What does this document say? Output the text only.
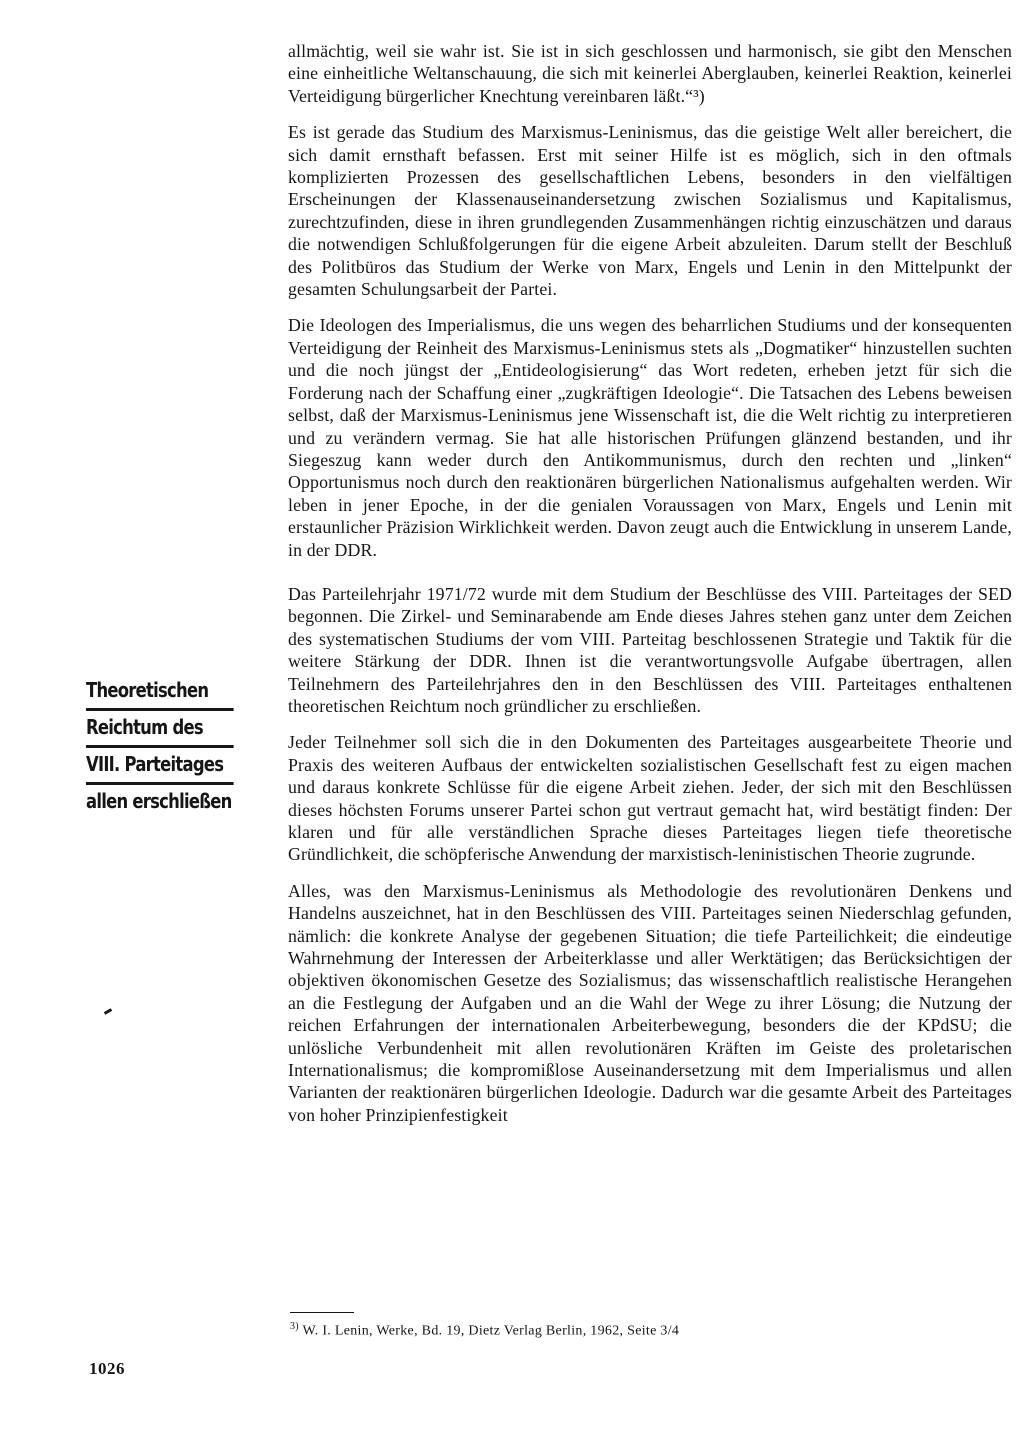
allmächtig, weil sie wahr ist. Sie ist in sich geschlossen und harmonisch, sie gibt den Menschen eine einheitliche Weltanschauung, die sich mit keinerlei Aberglauben, keinerlei Reaktion, keinerlei Verteidigung bürgerlicher Knechtung vereinbaren läßt.“³)

Es ist gerade das Studium des Marxismus-Leninismus, das die geistige Welt aller bereichert, die sich damit ernsthaft befassen. Erst mit seiner Hilfe ist es möglich, sich in den oftmals komplizierten Prozessen des gesellschaftlichen Lebens, besonders in den vielfältigen Erscheinungen der Klassenauseinandersetzung zwischen Sozialismus und Kapitalismus, zurechtzufinden, diese in ihren grundlegenden Zusammenhängen richtig einzuschätzen und daraus die notwendigen Schlußfolgerungen für die eigene Arbeit abzuleiten. Darum stellt der Beschluß des Politbüros das Studium der Werke von Marx, Engels und Lenin in den Mittelpunkt der gesamten Schulungsarbeit der Partei.

Die Ideologen des Imperialismus, die uns wegen des beharrlichen Studiums und der konsequenten Verteidigung der Reinheit des Marxismus-Leninismus stets als „Dogmatiker“ hinzustellen suchten und die noch jüngst der „Entideologisierung“ das Wort redeten, erheben jetzt für sich die Forderung nach der Schaffung einer „zugkräftigen Ideologie“. Die Tatsachen des Lebens beweisen selbst, daß der Marxismus-Leninismus jene Wissenschaft ist, die die Welt richtig zu interpretieren und zu verändern vermag. Sie hat alle historischen Prüfungen glänzend bestanden, und ihr Siegeszug kann weder durch den Antikommunismus, durch den rechten und „linken“ Opportunismus noch durch den reaktionären bürgerlichen Nationalismus aufgehalten werden. Wir leben in jener Epoche, in der die genialen Voraussagen von Marx, Engels und Lenin mit erstaunlicher Präzision Wirklichkeit werden. Davon zeugt auch die Entwicklung in unserem Lande, in der DDR.

Das Parteilehrjahr 1971/72 wurde mit dem Studium der Beschlüsse des VIII. Parteitages der SED begonnen. Die Zirkel- und Seminarabende am Ende dieses Jahres stehen ganz unter dem Zeichen des systematischen Studiums der vom VIII. Parteitag beschlossenen Strategie und Taktik für die weitere Stärkung der DDR. Ihnen ist die verantwortungsvolle Aufgabe übertragen, allen Teilnehmern des Parteilehrjahres den in den Beschlüssen des VIII. Parteitages enthaltenen theoretischen Reichtum noch gründlicher zu erschließen.

Jeder Teilnehmer soll sich die in den Dokumenten des Parteitages ausgearbeitete Theorie und Praxis des weiteren Aufbaus der entwickelten sozialistischen Gesellschaft fest zu eigen machen und daraus konkrete Schlüsse für die eigene Arbeit ziehen. Jeder, der sich mit den Beschlüssen dieses höchsten Forums unserer Partei schon gut vertraut gemacht hat, wird bestätigt finden: Der klaren und für alle verständlichen Sprache dieses Parteitages liegen tiefe theoretische Gründlichkeit, die schöpferische Anwendung der marxistisch-leninistischen Theorie zugrunde.

Alles, was den Marxismus-Leninismus als Methodologie des revolutionären Denkens und Handelns auszeichnet, hat in den Beschlüssen des VIII. Parteitages seinen Niederschlag gefunden, nämlich: die konkrete Analyse der gegebenen Situation; die tiefe Parteilichkeit; die eindeutige Wahrnehmung der Interessen der Arbeiterklasse und aller Werktätigen; das Berücksichtigen der objektiven ökonomischen Gesetze des Sozialismus; das wissenschaftlich realistische Herangehen an die Festlegung der Aufgaben und an die Wahl der Wege zu ihrer Lösung; die Nutzung der reichen Erfahrungen der internationalen Arbeiterbewegung, besonders die der KPdSU; die unlösliche Verbundenheit mit allen revolutionären Kräften im Geiste des proletarischen Internationalismus; die kompromißlose Auseinandersetzung mit dem Imperialismus und allen Varianten der reaktionären bürgerlichen Ideologie. Dadurch war die gesamte Arbeit des Parteitages von hoher Prinzipienfestigkeit

Theoretischen
Reichtum des
VIII. Parteitages
allen erschließen
$^{3)}$ W. I. Lenin, Werke, Bd. 19, Dietz Verlag Berlin, 1962, Seite 3/4
1026
